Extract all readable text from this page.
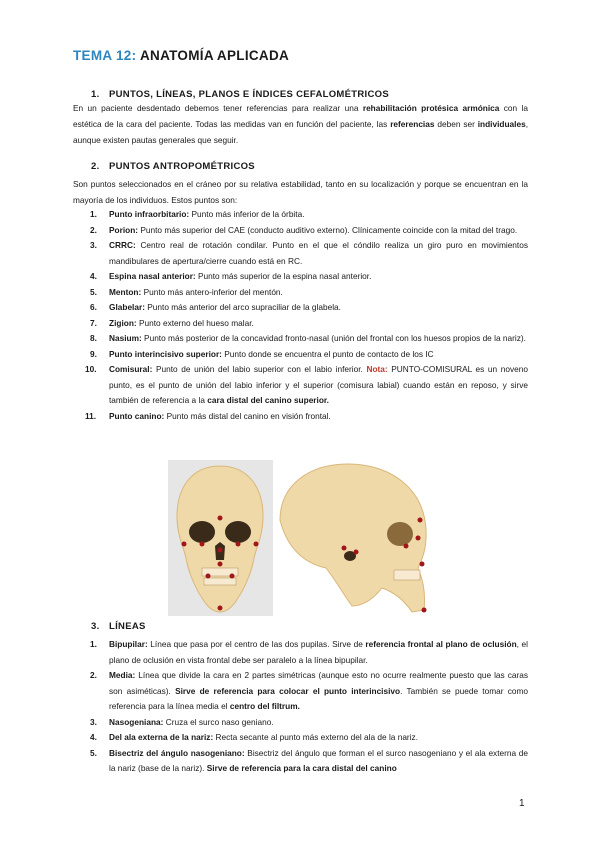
TEMA 12: ANATOMÍA APLICADA
1. PUNTOS, LÍNEAS, PLANOS E ÍNDICES CEFALOMÉTRICOS
En un paciente desdentado debemos tener referencias para realizar una rehabilitación protésica armónica con la estética de la cara del paciente. Todas las medidas van en función del paciente, las referencias deben ser individuales, aunque existen pautas generales que seguir.
2. PUNTOS ANTROPOMÉTRICOS
Son puntos seleccionados en el cráneo por su relativa estabilidad, tanto en su localización y porque se encuentran en la mayoría de los individuos. Estos puntos son:
1. Punto infraorbitario: Punto más inferior de la órbita.
2. Porion: Punto más superior del CAE (conducto auditivo externo). Clínicamente coincide con la mitad del trago.
3. CRRC: Centro real de rotación condilar. Punto en el que el cóndilo realiza un giro puro en movimientos mandibulares de apertura/cierre cuando está en RC.
4. Espina nasal anterior: Punto más superior de la espina nasal anterior.
5. Menton: Punto más antero-inferior del mentón.
6. Glabelar: Punto más anterior del arco supraciliar de la glabela.
7. Zigion: Punto externo del hueso malar.
8. Nasium: Punto más posterior de la concavidad fronto-nasal (unión del frontal con los huesos propios de la nariz).
9. Punto interincisivo superior: Punto donde se encuentra el punto de contacto de los IC
10. Comisural: Punto de unión del labio superior con el labio inferior. Nota: PUNTO-COMISURAL es un noveno punto, es el punto de unión del labio inferior y el superior (comisura labial) cuando están en reposo, y sirve también de referencia a la cara distal del canino superior.
11. Punto canino: Punto más distal del canino en visión frontal.
3. LÍNEAS
1. Bipupilar: Línea que pasa por el centro de las dos pupilas. Sirve de referencia frontal al plano de oclusión, el plano de oclusión en vista frontal debe ser paralelo a la línea bipupilar.
2. Media: Línea que divide la cara en 2 partes simétricas (aunque esto no ocurre realmente puesto que las caras son asiméticas). Sirve de referencia para colocar el punto interincisivo. También se puede tomar como referencia para la línea media el centro del filtrum.
3. Nasogeniana: Cruza el surco naso geniano.
4. Del ala externa de la nariz: Recta secante al punto más externo del ala de la nariz.
5. Bisectriz del ángulo nasogeniano: Bisectriz del ángulo que forman el el surco nasogeniano y el ala externa de la nariz (base de la nariz). Sirve de referencia para la cara distal del canino
1
